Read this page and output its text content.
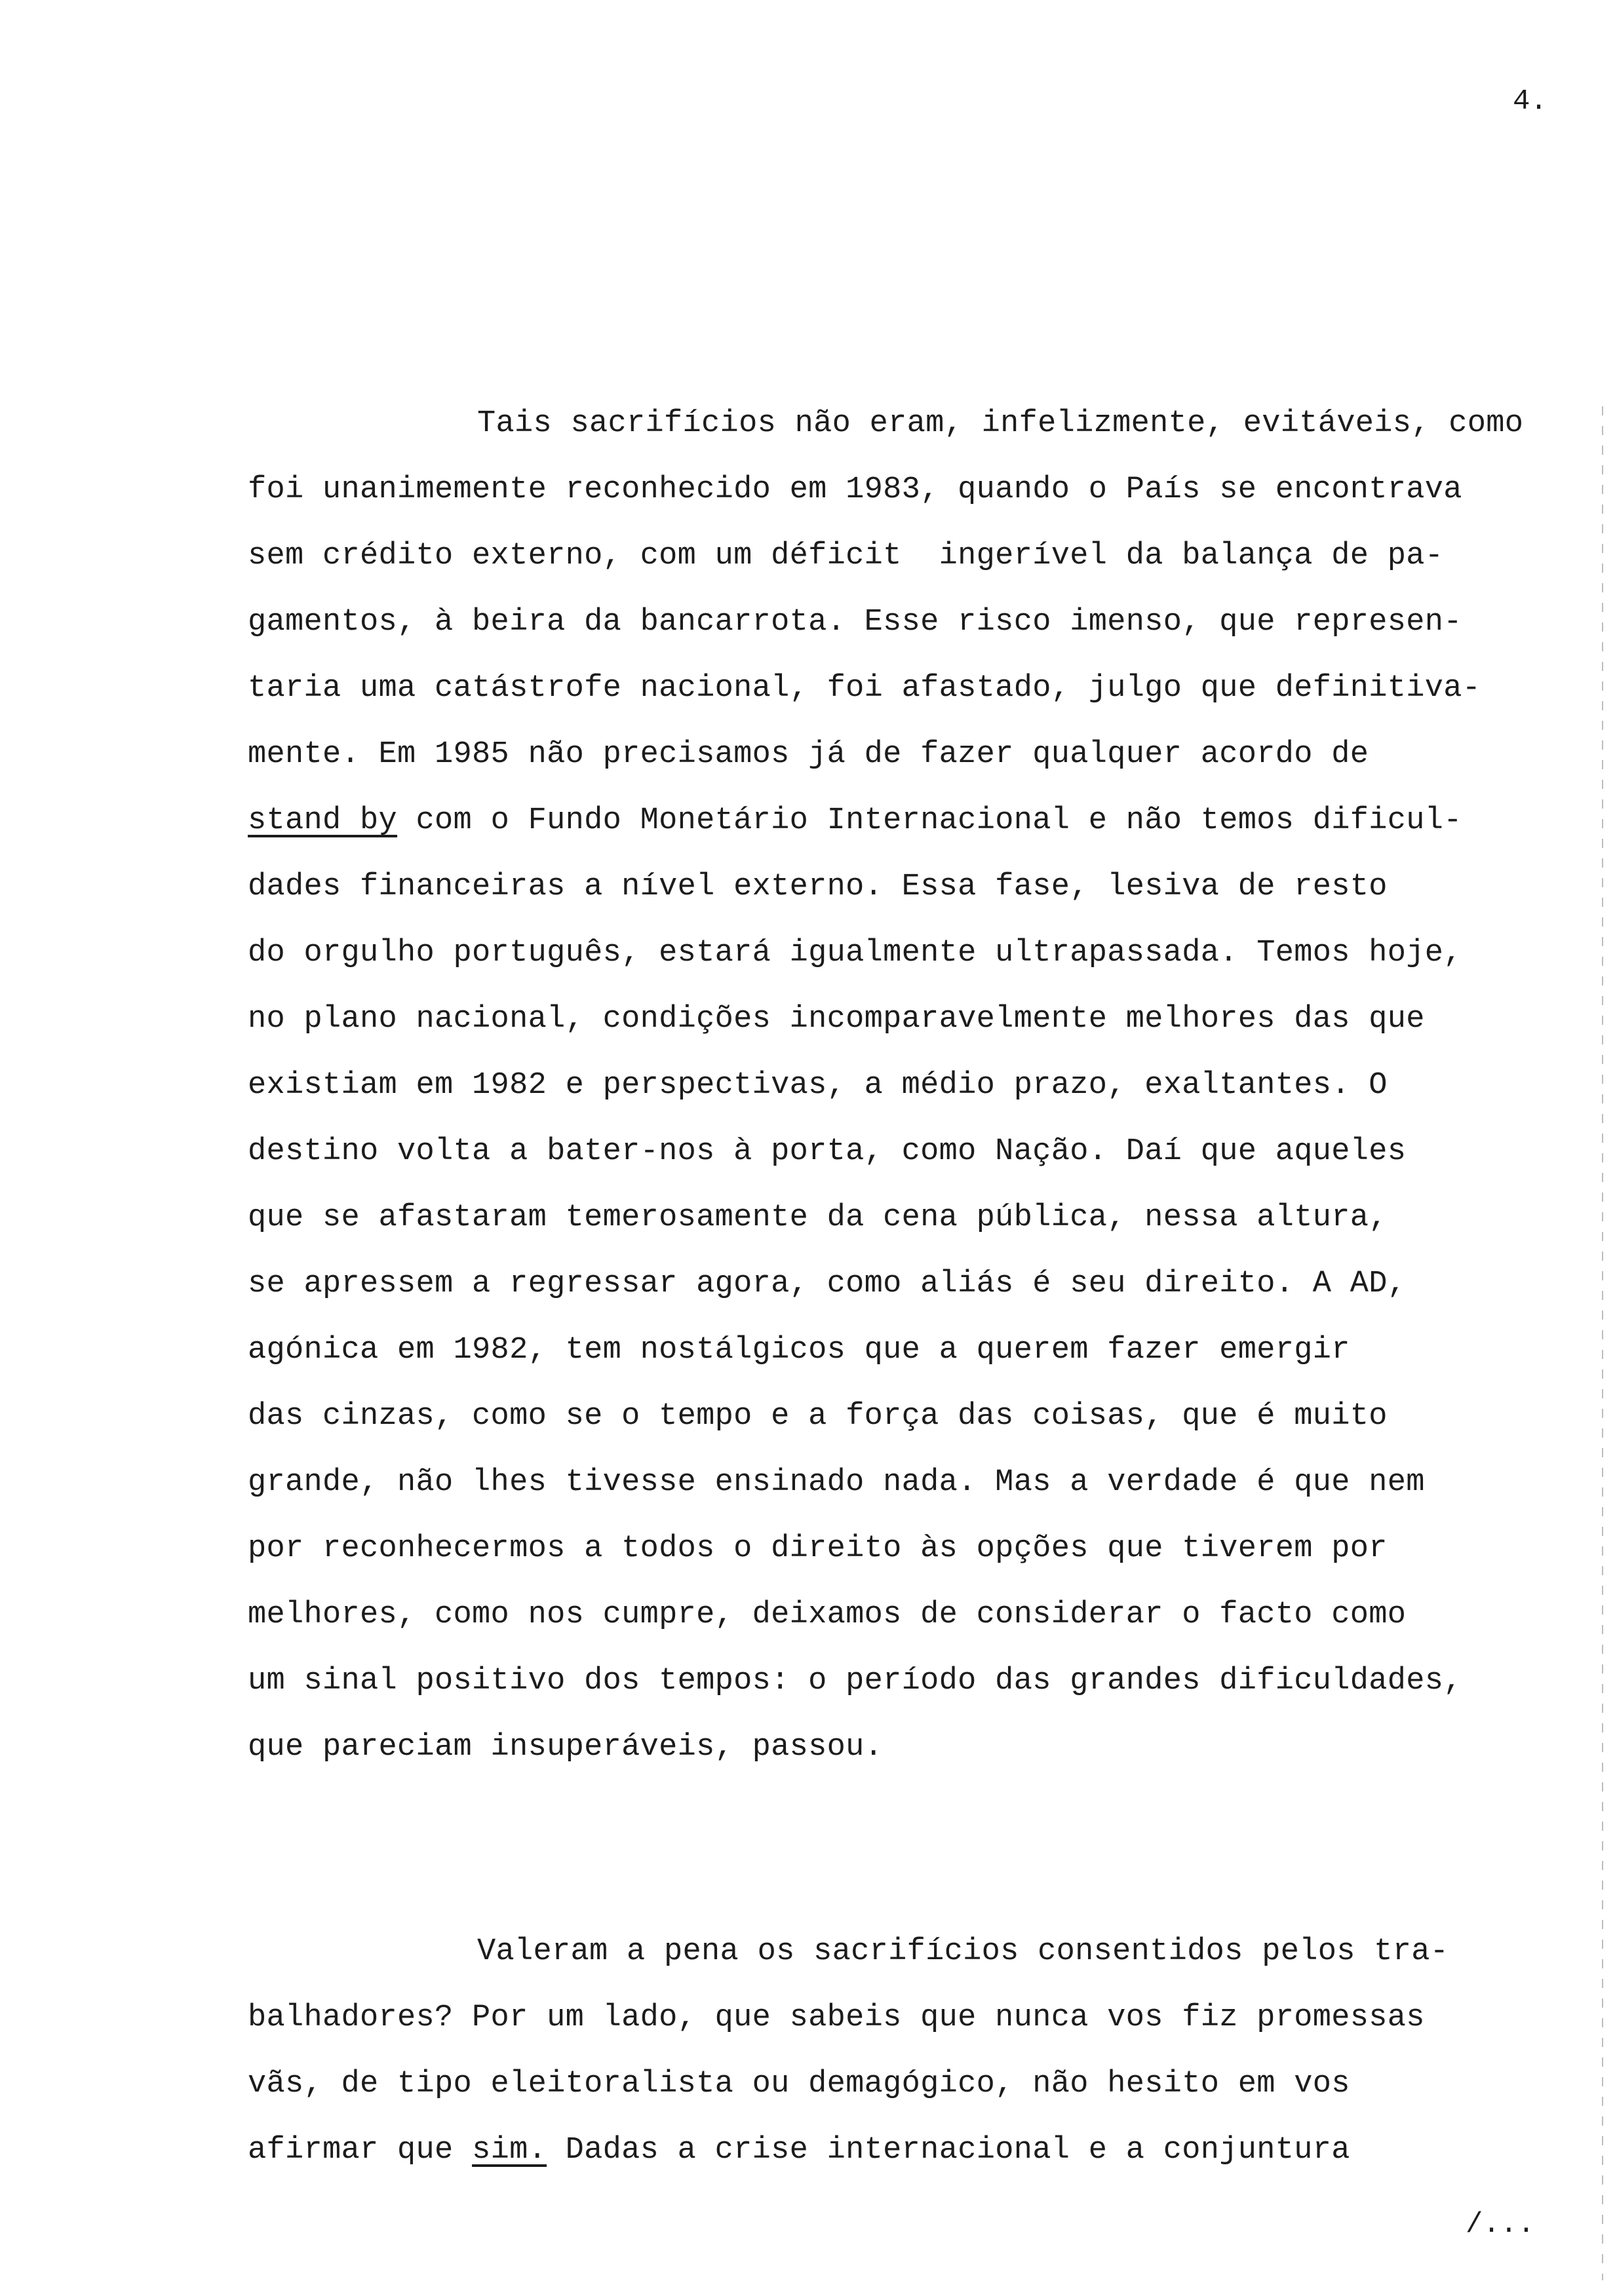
4.
Tais sacrifícios não eram, infelizmente, evitáveis, como
foi unanimemente reconhecido em 1983, quando o País se encontrava
sem crédito externo, com um déficit  ingerível da balança de pa-
gamentos, à beira da bancarrota. Esse risco imenso, que represen-
taria uma catástrofe nacional, foi afastado, julgo que definitiva-
mente. Em 1985 não precisamos já de fazer qualquer acordo de
stand by com o Fundo Monetário Internacional e não temos dificul-
dades financeiras a nível externo. Essa fase, lesiva de resto
do orgulho português, estará igualmente ultrapassada. Temos hoje,
no plano nacional, condições incomparavelmente melhores das que
existiam em 1982 e perspectivas, a médio prazo, exaltantes. O
destino volta a bater-nos à porta, como Nação. Daí que aqueles
que se afastaram temerosamente da cena pública, nessa altura,
se apressem a regressar agora, como aliás é seu direito. A AD,
agónica em 1982, tem nostálgicos que a querem fazer emergir
das cinzas, como se o tempo e a força das coisas, que é muito
grande, não lhes tivesse ensinado nada. Mas a verdade é que nem
por reconhecermos a todos o direito às opções que tiverem por
melhores, como nos cumpre, deixamos de considerar o facto como
um sinal positivo dos tempos: o período das grandes dificuldades,
que pareciam insuperáveis, passou.
Valeram a pena os sacrifícios consentidos pelos tra-
balhadores? Por um lado, que sabeis que nunca vos fiz promessas
vãs, de tipo eleitoralista ou demagógico, não hesito em vos
afirmar que sim. Dadas a crise internacional e a conjuntura
/...
